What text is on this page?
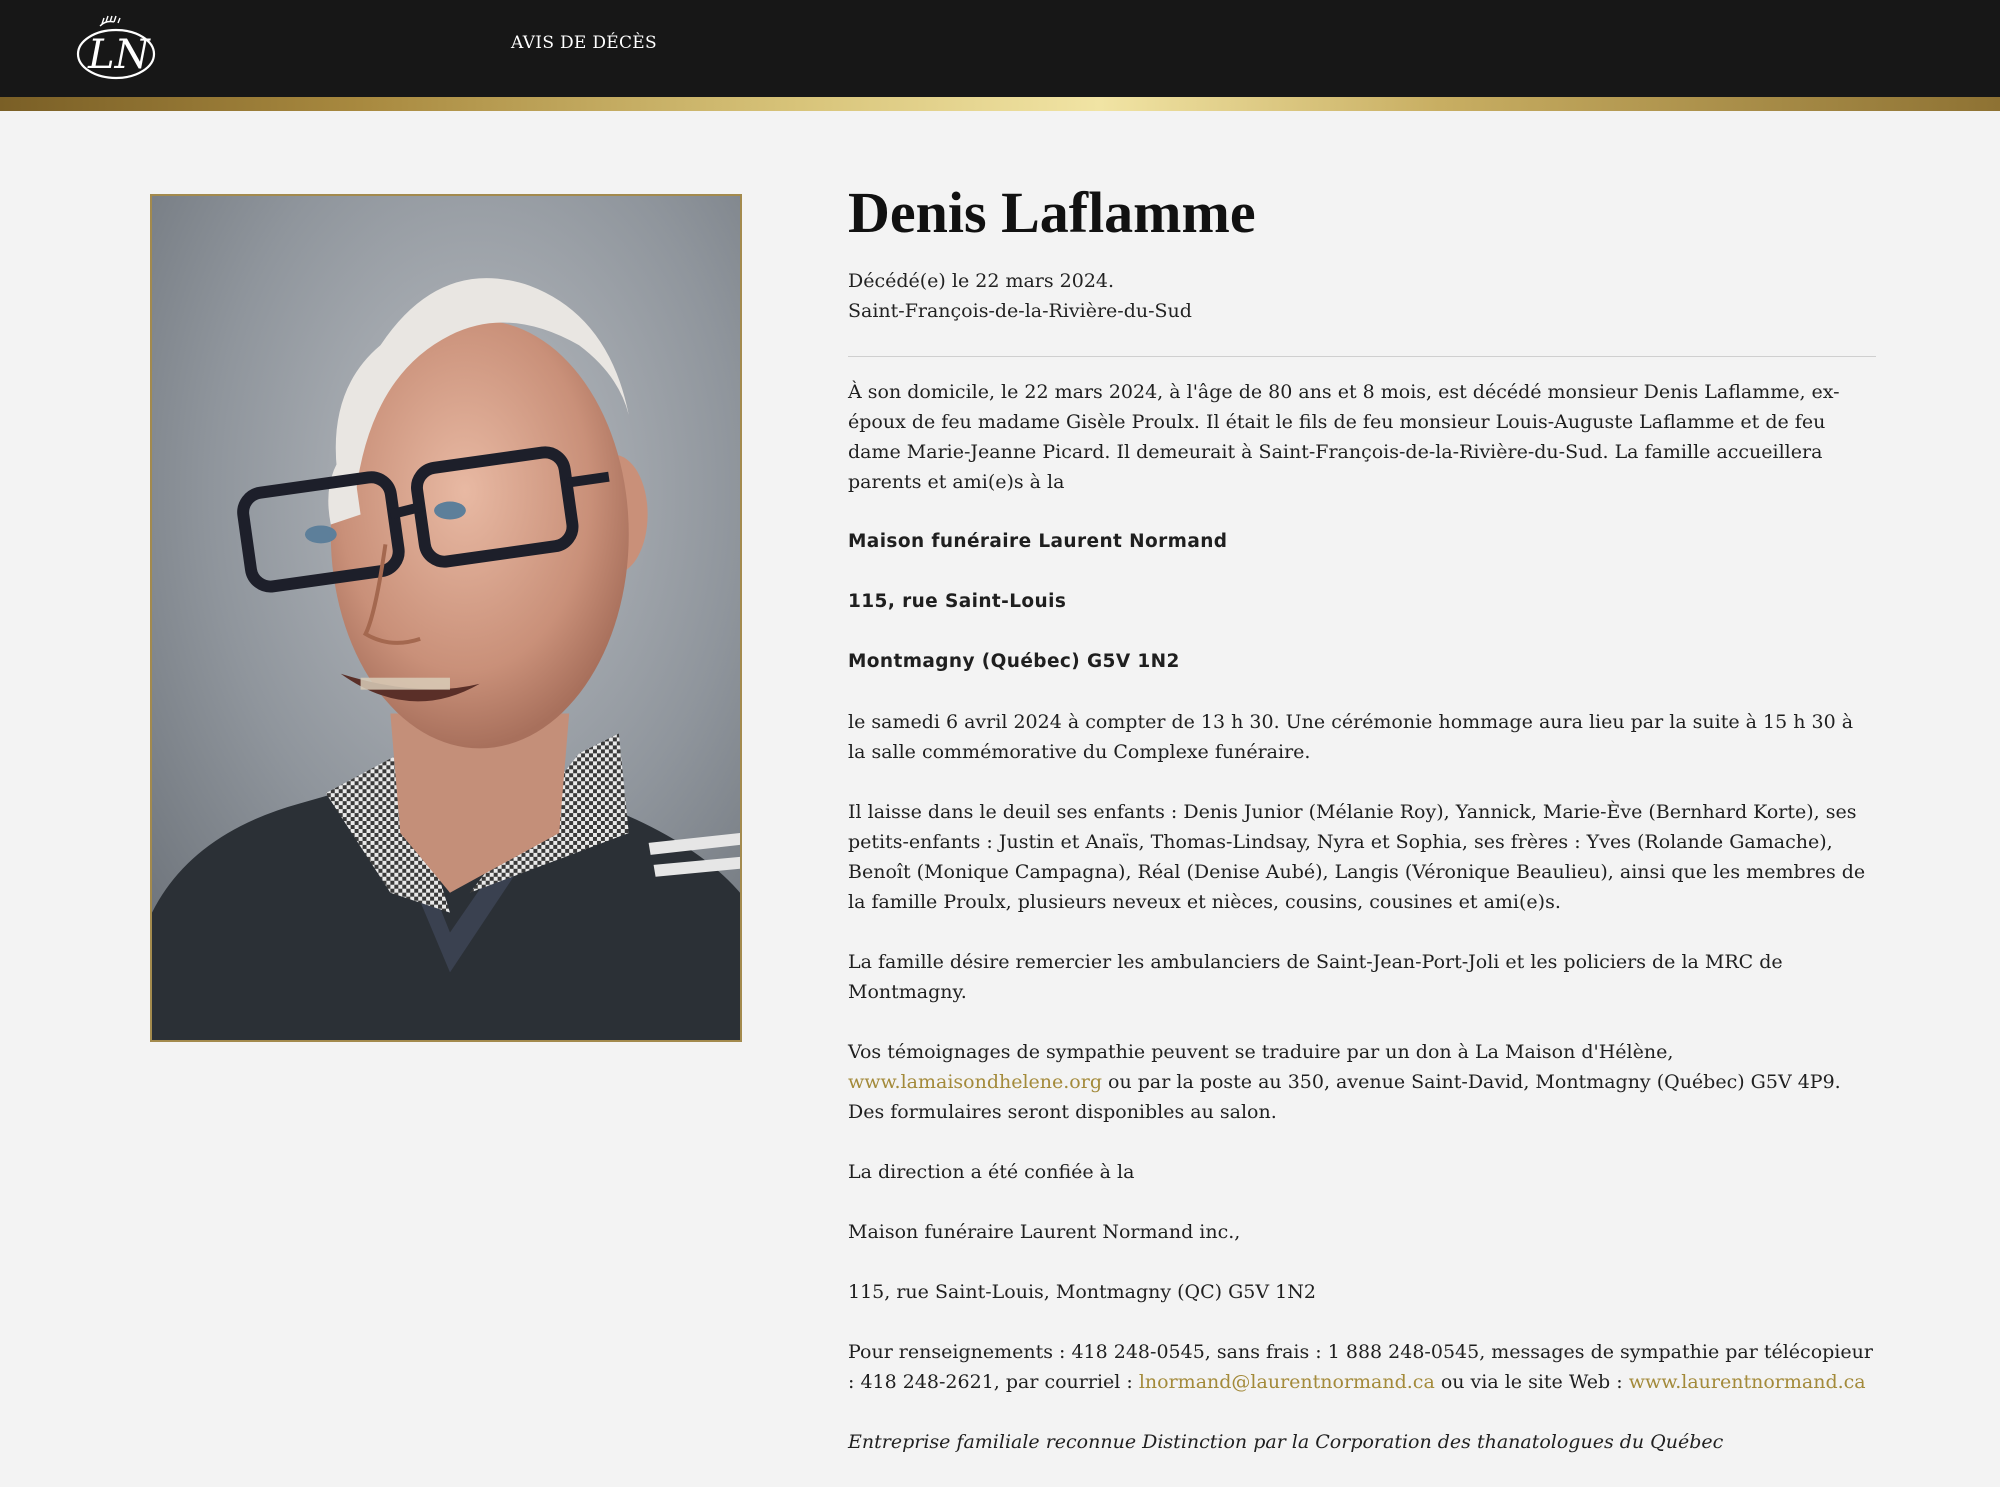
LN	AVIS DE DÉCÈS
Denis Laflamme
Décédé(e) le 22 mars 2024.
Saint-François-de-la-Rivière-du-Sud

À son domicile, le 22 mars 2024, à l'âge de 80 ans et 8 mois, est décédé monsieur Denis Laflamme, ex-époux de feu madame Gisèle Proulx. Il était le fils de feu monsieur Louis-Auguste Laflamme et de feu dame Marie-Jeanne Picard. Il demeurait à Saint-François-de-la-Rivière-du-Sud. La famille accueillera parents et ami(e)s à la

Maison funéraire Laurent Normand

115, rue Saint-Louis

Montmagny (Québec) G5V 1N2

le samedi 6 avril 2024 à compter de 13 h 30. Une cérémonie hommage aura lieu par la suite à 15 h 30 à la salle commémorative du Complexe funéraire.

Il laisse dans le deuil ses enfants : Denis Junior (Mélanie Roy), Yannick, Marie-Ève (Bernhard Korte), ses petits-enfants : Justin et Anaïs, Thomas-Lindsay, Nyra et Sophia, ses frères : Yves (Rolande Gamache), Benoît (Monique Campagna), Réal (Denise Aubé), Langis (Véronique Beaulieu), ainsi que les membres de la famille Proulx, plusieurs neveux et nièces, cousins, cousines et ami(e)s.

La famille désire remercier les ambulanciers de Saint-Jean-Port-Joli et les policiers de la MRC de Montmagny.

Vos témoignages de sympathie peuvent se traduire par un don à La Maison d'Hélène,
www.lamaisondhelene.org ou par la poste au 350, avenue Saint-David, Montmagny (Québec) G5V 4P9. Des formulaires seront disponibles au salon.

La direction a été confiée à la

Maison funéraire Laurent Normand inc.,

115, rue Saint-Louis, Montmagny (QC) G5V 1N2

Pour renseignements : 418 248-0545, sans frais : 1 888 248-0545, messages de sympathie par télécopieur : 418 248-2621, par courriel : lnormand@laurentnormand.ca ou via le site Web : www.laurentnormand.ca

Entreprise familiale reconnue Distinction par la Corporation des thanatologues du Québec
